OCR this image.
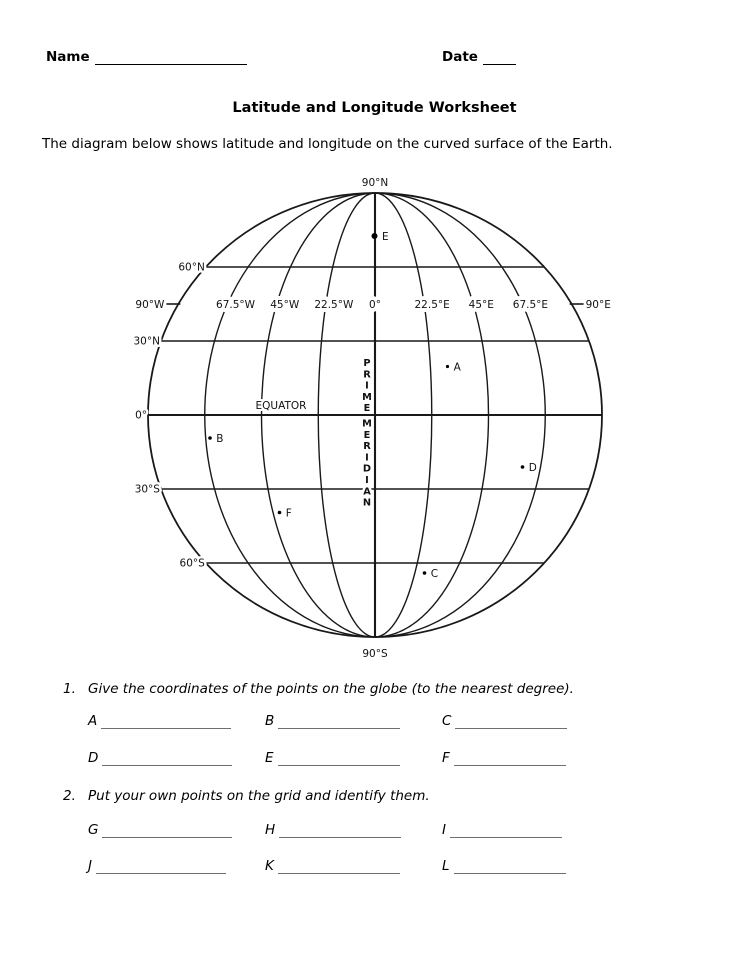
Name	Date
Latitude and Longitude Worksheet
The diagram below shows latitude and longitude on the curved surface of the Earth.
90°N
90°S
60°N
30°N
0°
30°S
60°S
90°W	67.5°W 45°W 22.5°W 0°	22.5°E 45°E 67.5°E	90°E
EQUATOR
P
R
I
M
E
M
E
R
I
D
I
A
N
A
B
C
D
E
F
1. Give the coordinates of the points on the globe (to the nearest degree).
A	B	C
D	E	F
G	H	I
J	K	L
2. Put your own points on the grid and identify them.
